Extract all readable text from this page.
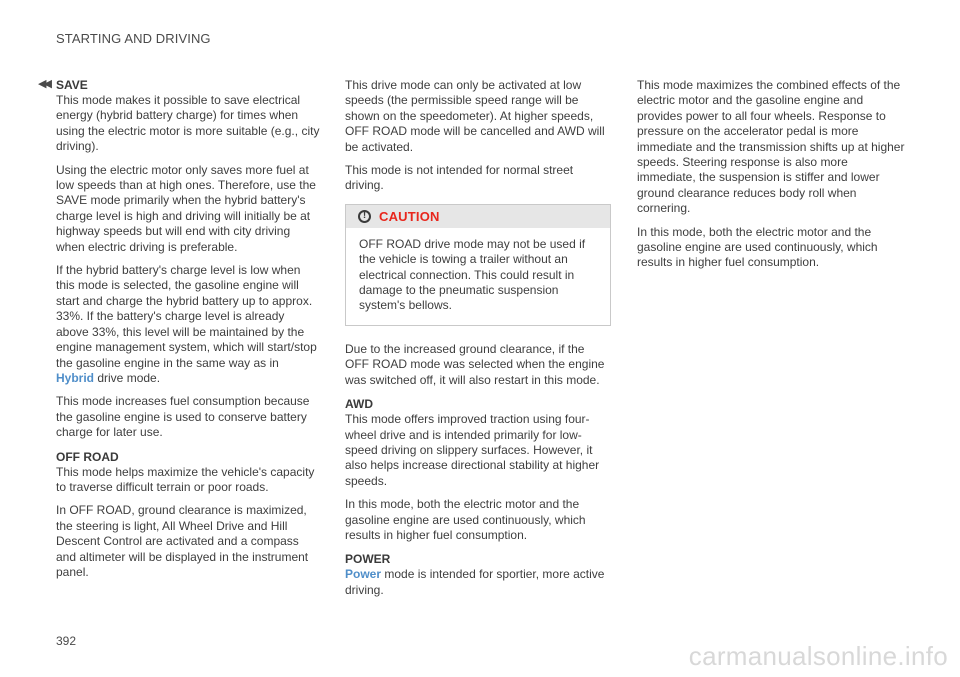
STARTING AND DRIVING
◀◀ SAVE

This mode makes it possible to save electrical energy (hybrid battery charge) for times when using the electric motor is more suitable (e.g., city driving).

Using the electric motor only saves more fuel at low speeds than at high ones. Therefore, use the SAVE mode primarily when the hybrid battery's charge level is high and driving will initially be at highway speeds but will end with city driving when electric driving is preferable.

If the hybrid battery's charge level is low when this mode is selected, the gasoline engine will start and charge the hybrid battery up to approx. 33%. If the battery's charge level is already above 33%, this level will be maintained by the engine management system, which will start/stop the gasoline engine in the same way as in Hybrid drive mode.

This mode increases fuel consumption because the gasoline engine is used to conserve battery charge for later use.

OFF ROAD

This mode helps maximize the vehicle's capacity to traverse difficult terrain or poor roads.

In OFF ROAD, ground clearance is maximized, the steering is light, All Wheel Drive and Hill Descent Control are activated and a compass and altimeter will be displayed in the instrument panel.

This drive mode can only be activated at low speeds (the permissible speed range will be shown on the speedometer). At higher speeds, OFF ROAD mode will be cancelled and AWD will be activated.

This mode is not intended for normal street driving.

! CAUTION
OFF ROAD drive mode may not be used if the vehicle is towing a trailer without an electrical connection. This could result in damage to the pneumatic suspension system's bellows.

Due to the increased ground clearance, if the OFF ROAD mode was selected when the engine was switched off, it will also restart in this mode.

AWD

This mode offers improved traction using four-wheel drive and is intended primarily for low-speed driving on slippery surfaces. However, it also helps increase directional stability at higher speeds.

In this mode, both the electric motor and the gasoline engine are used continuously, which results in higher fuel consumption.

POWER

Power mode is intended for sportier, more active driving.

This mode maximizes the combined effects of the electric motor and the gasoline engine and provides power to all four wheels. Response to pressure on the accelerator pedal is more immediate and the transmission shifts up at higher speeds. Steering response is also more immediate, the suspension is stiffer and lower ground clearance reduces body roll when cornering.

In this mode, both the electric motor and the gasoline engine are used continuously, which results in higher fuel consumption.

392	carmanualsonline.info
